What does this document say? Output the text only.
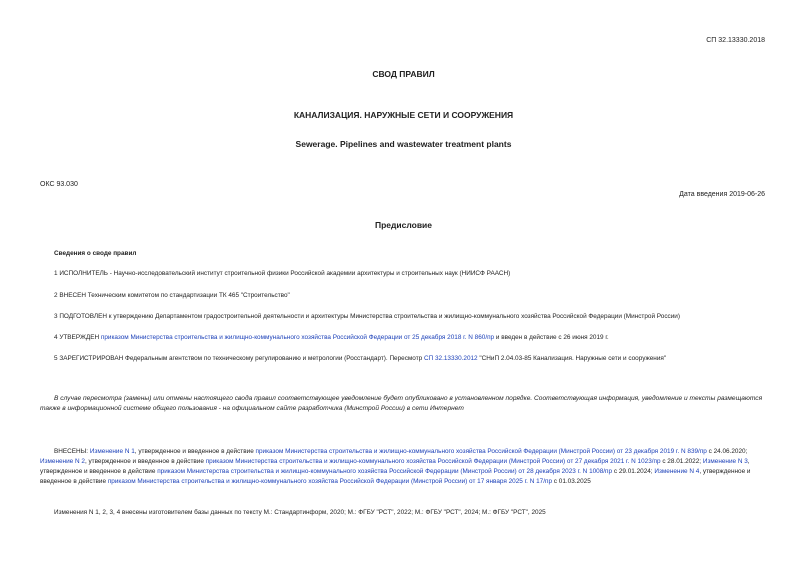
СП 32.13330.2018
СВОД ПРАВИЛ
КАНАЛИЗАЦИЯ. НАРУЖНЫЕ СЕТИ И СООРУЖЕНИЯ
Sewerage. Pipelines and wastewater treatment plants
ОКС 93.030
Дата введения 2019-06-26
Предисловие
Сведения о своде правил
1 ИСПОЛНИТЕЛЬ - Научно-исследовательский институт строительной физики Российской академии архитектуры и строительных наук (НИИСФ РААСН)
2 ВНЕСЕН Техническим комитетом по стандартизации ТК 465 "Строительство"
3 ПОДГОТОВЛЕН к утверждению Департаментом градостроительной деятельности и архитектуры Министерства строительства и жилищно-коммунального хозяйства Российской Федерации (Минстрой России)
4 УТВЕРЖДЕН приказом Министерства строительства и жилищно-коммунального хозяйства Российской Федерации от 25 декабря 2018 г. N 860/пр и введен в действие с 26 июня 2019 г.
5 ЗАРЕГИСТРИРОВАН Федеральным агентством по техническому регулированию и метрологии (Росстандарт). Пересмотр СП 32.13330.2012 "СНиП 2.04.03-85 Канализация. Наружные сети и сооружения"
В случае пересмотра (замены) или отмены настоящего свода правил соответствующее уведомление будет опубликовано в установленном порядке. Соответствующая информация, уведомление и тексты размещаются также в информационной системе общего пользования - на официальном сайте разработчика (Минстрой России) в сети Интернет
ВНЕСЕНЫ: Изменение N 1, утвержденное и введенное в действие приказом Министерства строительства и жилищно-коммунального хозяйства Российской Федерации (Минстрой России) от 23 декабря 2019 г. N 839/пр с 24.06.2020; Изменение N 2, утвержденное и введенное в действие приказом Министерства строительства и жилищно-коммунального хозяйства Российской Федерации (Минстрой России) от 27 декабря 2021 г. N 1023/пр с 28.01.2022; Изменение N 3, утвержденное и введенное в действие приказом Министерства строительства и жилищно-коммунального хозяйства Российской Федерации (Минстрой России) от 28 декабря 2023 г. N 1008/пр с 29.01.2024; Изменение N 4, утвержденное и введенное в действие приказом Министерства строительства и жилищно-коммунального хозяйства Российской Федерации (Минстрой России) от 17 января 2025 г. N 17/пр с 01.03.2025
Изменения N 1, 2, 3, 4 внесены изготовителем базы данных по тексту М.: Стандартинформ, 2020; М.: ФГБУ "РСТ", 2022; М.: ФГБУ "РСТ", 2024; М.: ФГБУ "РСТ", 2025
